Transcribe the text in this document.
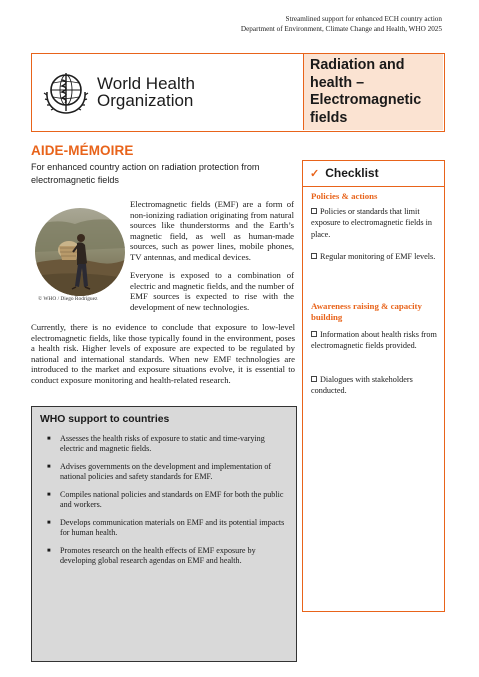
Streamlined support for enhanced ECH country action
Department of Environment, Climate Change and Health, WHO 2025
World Health
Organization
Radiation and
health –
Electromagnetic
fields
AIDE-MÉMOIRE
For enhanced country action on radiation protection from electromagnetic fields
© WHO / Diego Rodriguez

Electromagnetic fields (EMF) are a form of non-ionizing radiation originating from natural sources like thunderstorms and the Earth’s magnetic field, as well as human-made sources, such as power lines, mobile phones, TV antennas, and medical devices.

Everyone is exposed to a combination of electric and magnetic fields, and the number of EMF sources is expected to rise with the development of new technologies.

Currently, there is no evidence to conclude that exposure to low-level electromagnetic fields, like those typically found in the environment, poses a health risk. Higher levels of exposure are expected to be regulated by national and international standards. When new EMF technologies are introduced to the market and exposure situations evolve, it is essential to conduct exposure monitoring and health-related research.
WHO support to countries
■	Assesses the health risks of exposure to static and time-varying electric and magnetic fields.
■	Advises governments on the development and implementation of national policies and safety standards for EMF.
■	Compiles national policies and standards on EMF for both the public and workers.
■	Develops communication materials on EMF and its potential impacts for human health.
■	Promotes research on the health effects of EMF exposure by developing global research agendas on EMF and health.
✓ Checklist
Policies & actions
Policies or standards that limit exposure to electromagnetic fields in place.
Regular monitoring of EMF levels.
Awareness raising & capacity building
Information about health risks from electromagnetic fields provided.
Dialogues with stakeholders conducted.
